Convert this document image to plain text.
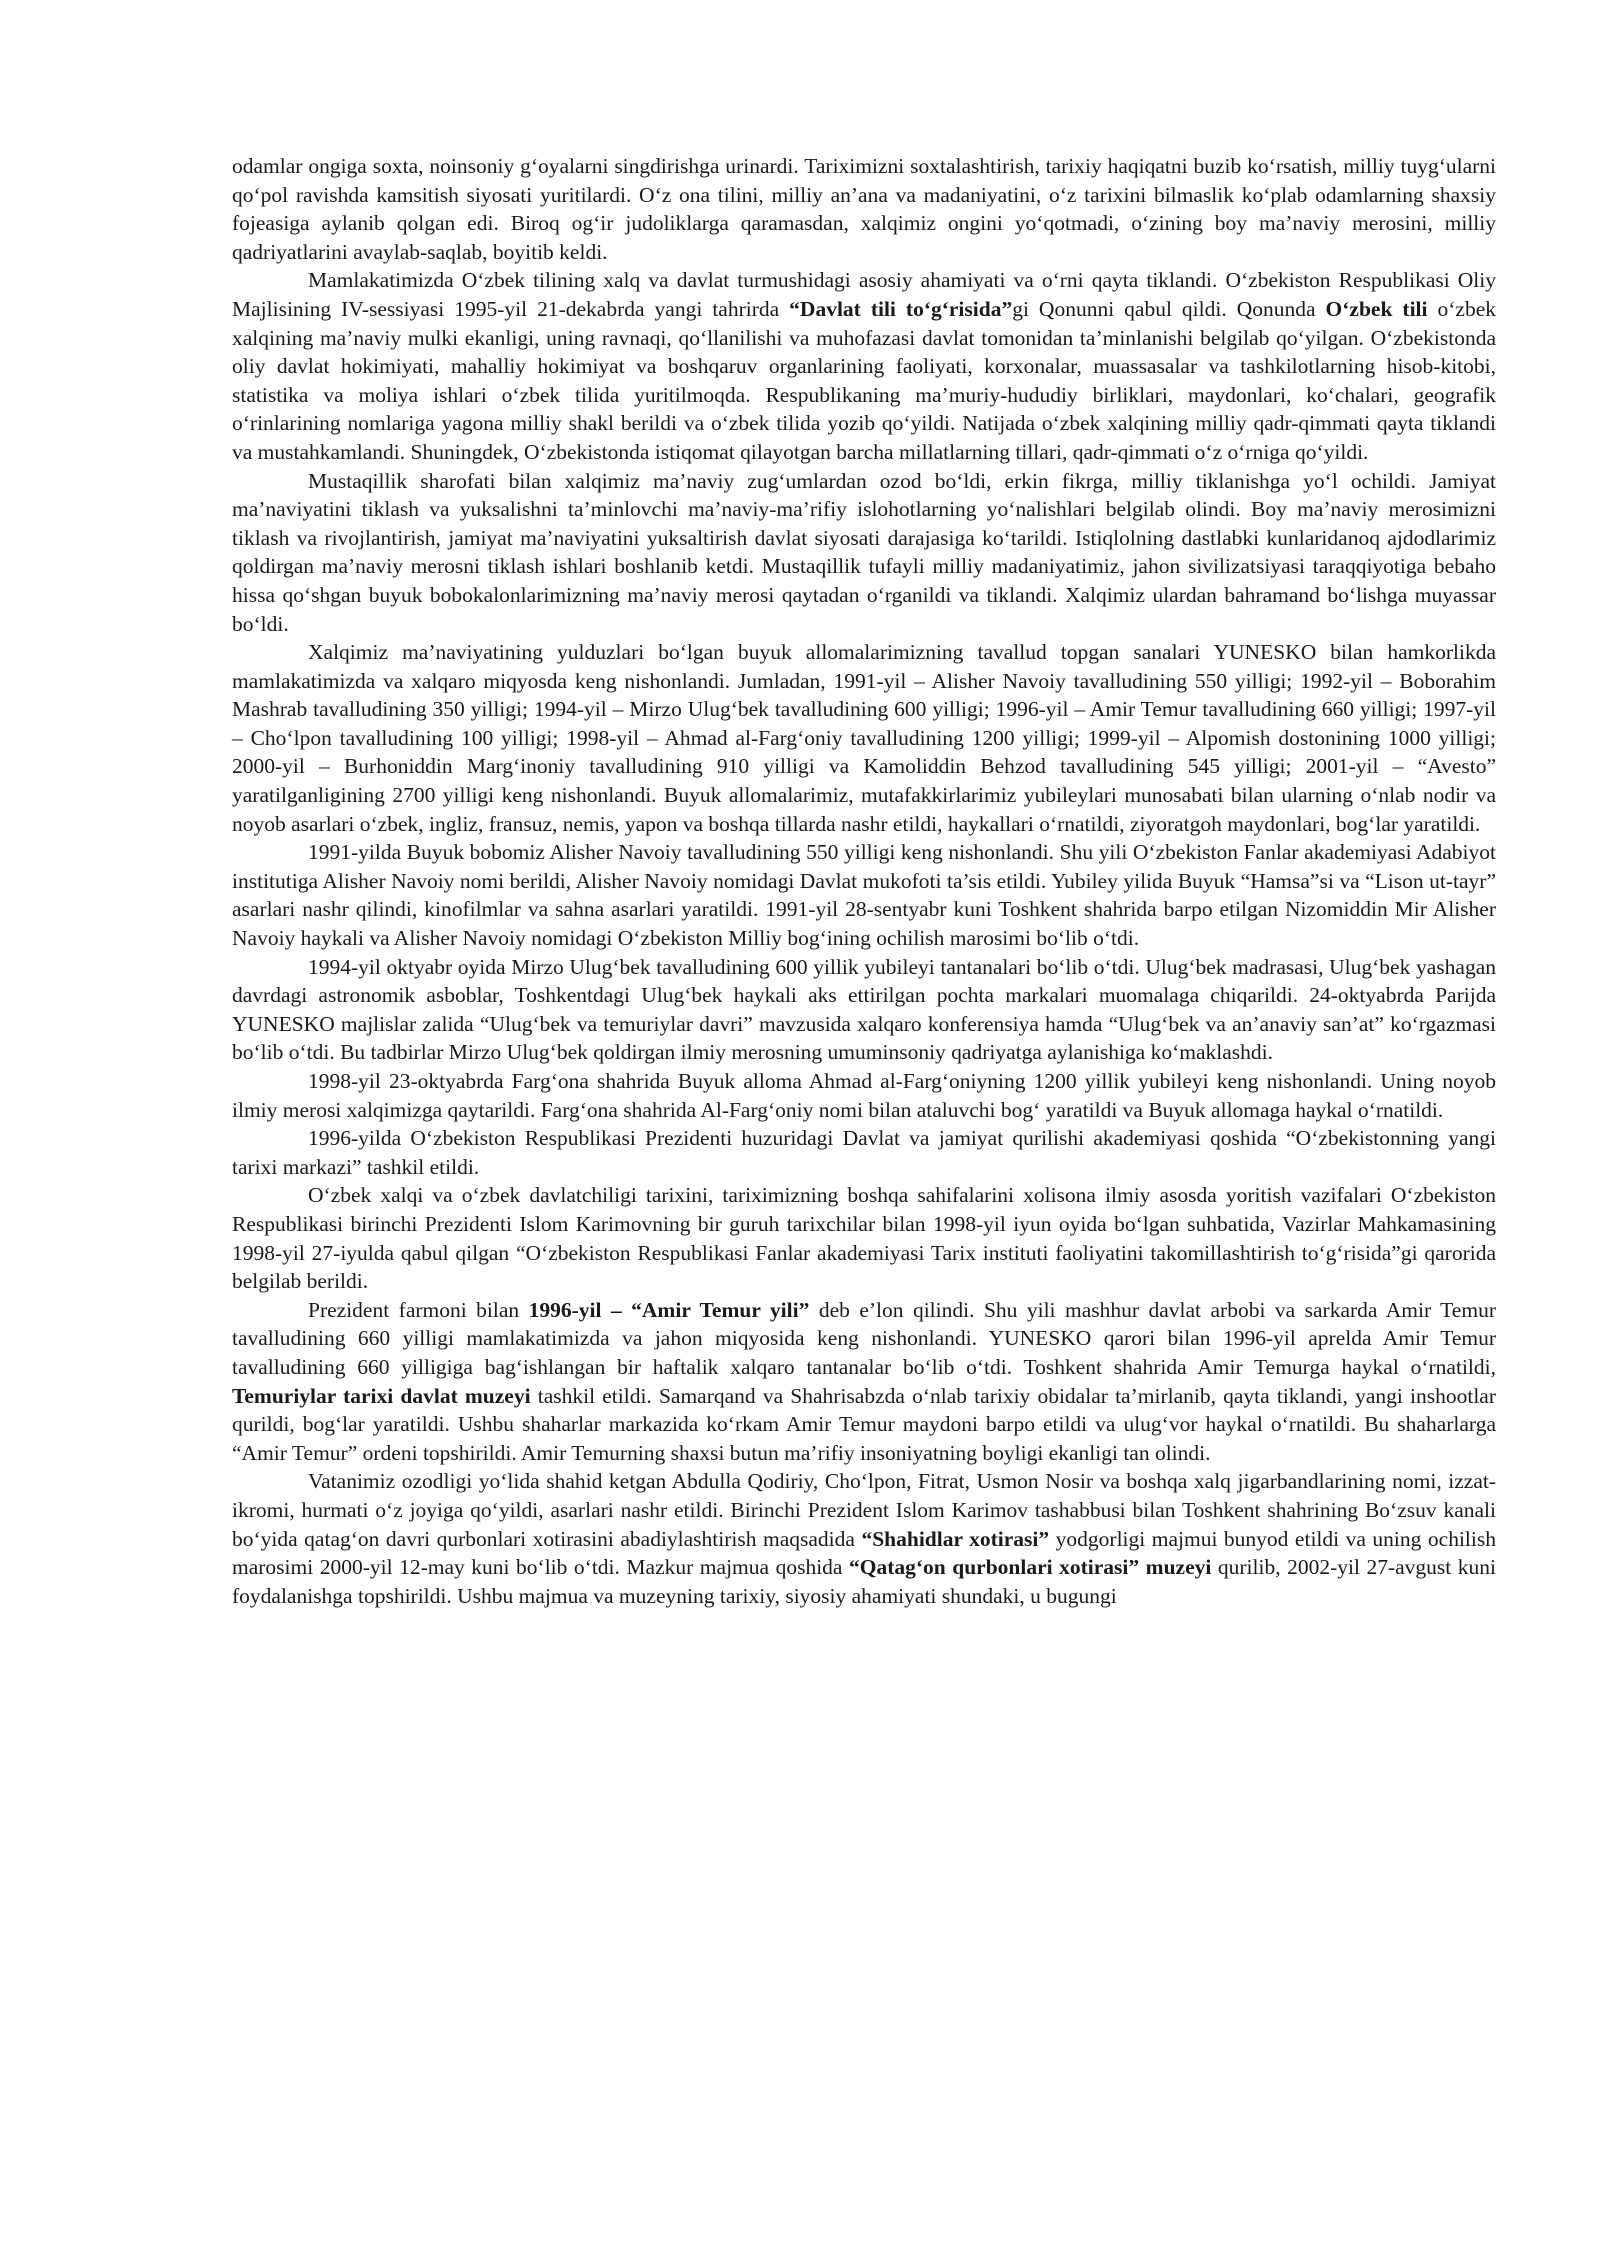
odamlar ongiga soxta, noinsoniy g‘oyalarni singdirishga urinardi. Tariximizni soxtalashtirish, tarixiy haqiqatni buzib ko‘rsatish, milliy tuyg‘ularni qo‘pol ravishda kamsitish siyosati yuritilardi. O‘z ona tilini, milliy an’ana va madaniyatini, o‘z tarixini bilmaslik ko‘plab odamlarning shaxsiy fojeasiga aylanib qolgan edi. Biroq og‘ir judoliklarga qaramasdan, xalqimiz ongini yo‘qotmadi, o‘zining boy ma’naviy merosini, milliy qadriyatlarini avaylab-saqlab, boyitib keldi.

Mamlakatimizda O‘zbek tilining xalq va davlat turmushidagi asosiy ahamiyati va o‘rni qayta tiklandi. O‘zbekiston Respublikasi Oliy Majlisining IV-sessiyasi 1995-yil 21-dekabrda yangi tahrirda “Davlat tili to‘g‘risida”gi Qonunni qabul qildi. Qonunda O‘zbek tili o‘zbek xalqining ma’naviy mulki ekanligi, uning ravnaqi, qo‘llanilishi va muhofazasi davlat tomonidan ta’minlanishi belgilab qo‘yilgan. O‘zbekistonda oliy davlat hokimiyati, mahalliy hokimiyat va boshqaruv organlarining faoliyati, korxonalar, muassasalar va tashkilotlarning hisob-kitobi, statistika va moliya ishlari o‘zbek tilida yuritilmoqda. Respublikaning ma’muriy-hududiy birliklari, maydonlari, ko‘chalari, geografik o‘rinlarining nomlariga yagona milliy shakl berildi va o‘zbek tilida yozib qo‘yildi. Natijada o‘zbek xalqining milliy qadr-qimmati qayta tiklandi va mustahkamlandi. Shuningdek, O‘zbekistonda istiqomat qilayotgan barcha millatlarning tillari, qadr-qimmati o‘z o‘rniga qo‘yildi.

Mustaqillik sharofati bilan xalqimiz ma’naviy zug‘umlardan ozod bo‘ldi, erkin fikrga, milliy tiklanishga yo‘l ochildi. Jamiyat ma’naviyatini tiklash va yuksalishni ta’minlovchi ma’naviy-ma’rifiy islohotlarning yo‘nalishlari belgilab olindi. Boy ma’naviy merosimizni tiklash va rivojlantirish, jamiyat ma’naviyatini yuksaltirish davlat siyosati darajasiga ko‘tarildi. Istiqlolning dastlabki kunlaridanoq ajdodlarimiz qoldirgan ma’naviy merosni tiklash ishlari boshlanib ketdi. Mustaqillik tufayli milliy madaniyatimiz, jahon sivilizatsiyasi taraqqiyotiga bebaho hissa qo‘shgan buyuk bobokalonlarimizning ma’naviy merosi qaytadan o‘rganildi va tiklandi. Xalqimiz ulardan bahramand bo‘lishga muyassar bo‘ldi.

Xalqimiz ma’naviyatining yulduzlari bo‘lgan buyuk allomalarimizning tavallud topgan sanalari YUNESKO bilan hamkorlikda mamlakatimizda va xalqaro miqyosda keng nishonlandi. Jumladan, 1991-yil – Alisher Navoiy tavalludining 550 yilligi; 1992-yil – Boborahim Mashrab tavalludining 350 yilligi; 1994-yil – Mirzo Ulug‘bek tavalludining 600 yilligi; 1996-yil – Amir Temur tavalludining 660 yilligi; 1997-yil – Cho‘lpon tavalludining 100 yilligi; 1998-yil – Ahmad al-Farg‘oniy tavalludining 1200 yilligi; 1999-yil – Alpomish dostonining 1000 yilligi; 2000-yil – Burhoniddin Marg‘inoniy tavalludining 910 yilligi va Kamoliddin Behzod tavalludining 545 yilligi; 2001-yil – “Avesto” yaratilganligining 2700 yilligi keng nishonlandi. Buyuk allomalarimiz, mutafakkirlarimiz yubileylari munosabati bilan ularning o‘nlab nodir va noyob asarlari o‘zbek, ingliz, fransuz, nemis, yapon va boshqa tillarda nashr etildi, haykallari o‘rnatildi, ziyoratgoh maydonlari, bog‘lar yaratildi.

1991-yilda Buyuk bobomiz Alisher Navoiy tavalludining 550 yilligi keng nishonlandi. Shu yili O‘zbekiston Fanlar akademiyasi Adabiyot institutiga Alisher Navoiy nomi berildi, Alisher Navoiy nomidagi Davlat mukofoti ta’sis etildi. Yubiley yilida Buyuk “Hamsa”si va “Lison ut-tayr” asarlari nashr qilindi, kinofilmlar va sahna asarlari yaratildi. 1991-yil 28-sentyabr kuni Toshkent shahrida barpo etilgan Nizomiddin Mir Alisher Navoiy haykali va Alisher Navoiy nomidagi O‘zbekiston Milliy bog‘ining ochilish marosimi bo‘lib o‘tdi.

1994-yil oktyabr oyida Mirzo Ulug‘bek tavalludining 600 yillik yubileyi tantanalari bo‘lib o‘tdi. Ulug‘bek madrasasi, Ulug‘bek yashagan davrdagi astronomik asboblar, Toshkentdagi Ulug‘bek haykali aks ettirilgan pochta markalari muomalaga chiqarildi. 24-oktyabrda Parijda YUNESKO majlislar zalida “Ulug‘bek va temuriylar davri” mavzusida xalqaro konferensiya hamda “Ulug‘bek va an’anaviy san’at” ko‘rgazmasi bo‘lib o‘tdi. Bu tadbirlar Mirzo Ulug‘bek qoldirgan ilmiy merosning umuminsoniy qadriyatga aylanishiga ko‘maklashdi.

1998-yil 23-oktyabrda Farg‘ona shahrida Buyuk alloma Ahmad al-Farg‘oniyning 1200 yillik yubileyi keng nishonlandi. Uning noyob ilmiy merosi xalqimizga qaytarildi. Farg‘ona shahrida Al-Farg‘oniy nomi bilan ataluvchi bog‘ yaratildi va Buyuk allomaga haykal o‘rnatildi.

1996-yilda O‘zbekiston Respublikasi Prezidenti huzuridagi Davlat va jamiyat qurilishi akademiyasi qoshida “O‘zbekistonning yangi tarixi markazi” tashkil etildi.

O‘zbek xalqi va o‘zbek davlatchiligi tarixini, tariximizning boshqa sahifalarini xolisona ilmiy asosda yoritish vazifalari O‘zbekiston Respublikasi birinchi Prezidenti Islom Karimovning bir guruh tarixchilar bilan 1998-yil iyun oyida bo‘lgan suhbatida, Vazirlar Mahkamasining 1998-yil 27-iyulda qabul qilgan “O‘zbekiston Respublikasi Fanlar akademiyasi Tarix instituti faoliyatini takomillashtirish to‘g‘risida”gi qarorida belgilab berildi.

Prezident farmoni bilan 1996-yil – “Amir Temur yili” deb e’lon qilindi. Shu yili mashhur davlat arbobi va sarkarda Amir Temur tavalludining 660 yilligi mamlakatimizda va jahon miqyosida keng nishonlandi. YUNESKO qarori bilan 1996-yil aprelda Amir Temur tavalludining 660 yilligiga bag‘ishlangan bir haftalik xalqaro tantanalar bo‘lib o‘tdi. Toshkent shahrida Amir Temurga haykal o‘rnatildi, Temuriylar tarixi davlat muzeyi tashkil etildi. Samarqand va Shahrisabzda o‘nlab tarixiy obidalar ta’mirlanib, qayta tiklandi, yangi inshootlar qurildi, bog‘lar yaratildi. Ushbu shaharlar markazida ko‘rkam Amir Temur maydoni barpo etildi va ulug‘vor haykal o‘rnatildi. Bu shaharlarga “Amir Temur” ordeni topshirildi. Amir Temurning shaxsi butun ma’rifiy insoniyatning boyligi ekanligi tan olindi.

Vatanimiz ozodligi yo‘lida shahid ketgan Abdulla Qodiriy, Cho‘lpon, Fitrat, Usmon Nosir va boshqa xalq jigarbandlarining nomi, izzat-ikromi, hurmati o‘z joyiga qo‘yildi, asarlari nashr etildi. Birinchi Prezident Islom Karimov tashabbusi bilan Toshkent shahrining Bo‘zsuv kanali bo‘yida qatag‘on davri qurbonlari xotirasini abadiylashtirish maqsadida “Shahidlar xotirasi” yodgorligi majmui bunyod etildi va uning ochilish marosimi 2000-yil 12-may kuni bo‘lib o‘tdi. Mazkur majmua qoshida “Qatag‘on qurbonlari xotirasi” muzeyi qurilib, 2002-yil 27-avgust kuni foydalanishga topshirildi. Ushbu majmua va muzeyning tarixiy, siyosiy ahamiyati shundaki, u bugungi
